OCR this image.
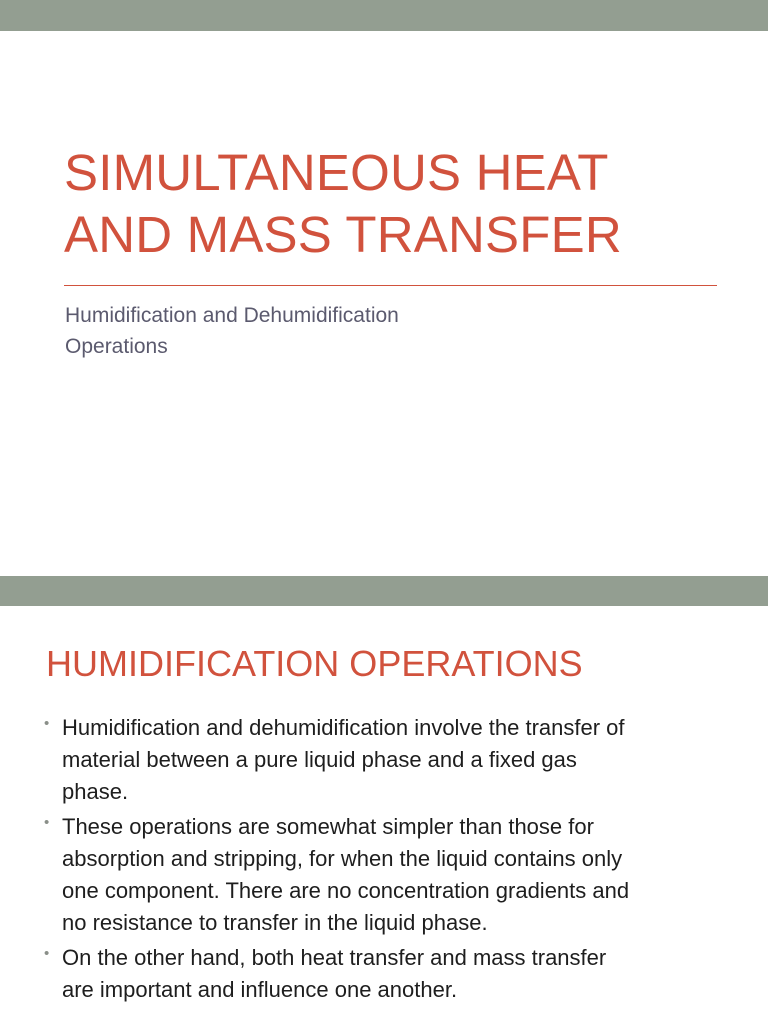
SIMULTANEOUS HEAT
AND MASS TRANSFER

Humidification and Dehumidification
Operations

HUMIDIFICATION OPERATIONS
• Humidification and dehumidification involve the transfer of
material between a pure liquid phase and a fixed gas
phase.
• These operations are somewhat simpler than those for
absorption and stripping, for when the liquid contains only
one component. There are no concentration gradients and
no resistance to transfer in the liquid phase.
• On the other hand, both heat transfer and mass transfer
are important and influence one another.
